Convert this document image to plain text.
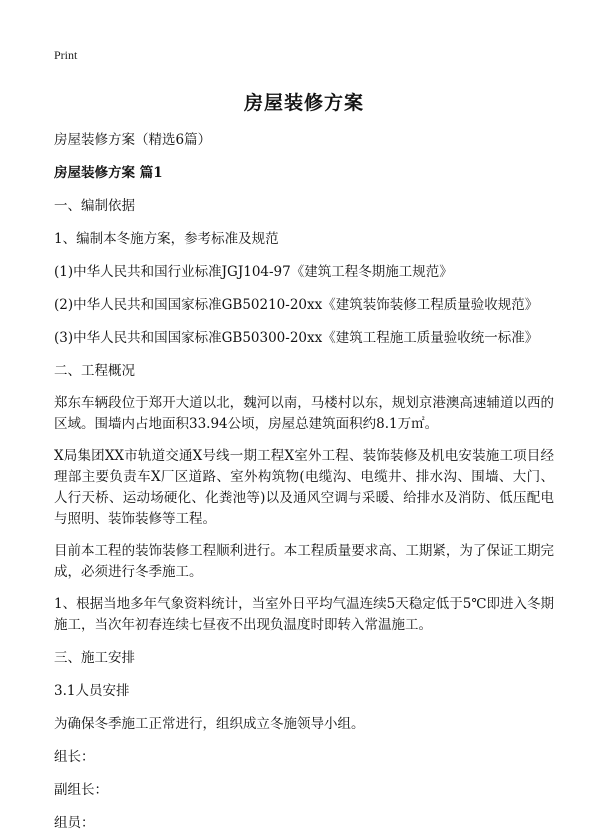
Print
房屋装修方案
房屋装修方案（精选6篇）
房屋装修方案 篇1
一、编制依据
1、编制本冬施方案，参考标准及规范
(1)中华人民共和国行业标准JGJ104-97《建筑工程冬期施工规范》
(2)中华人民共和国国家标准GB50210-20xx《建筑装饰装修工程质量验收规范》
(3)中华人民共和国国家标准GB50300-20xx《建筑工程施工质量验收统一标准》
二、工程概况
郑东车辆段位于郑开大道以北，魏河以南，马楼村以东，规划京港澳高速辅道以西的区域。围墙内占地面积33.94公顷，房屋总建筑面积约8.1万㎡。
X局集团XX市轨道交通X号线一期工程X室外工程、装饰装修及机电安装施工项目经理部主要负责车X厂区道路、室外构筑物(电缆沟、电缆井、排水沟、围墙、大门、人行天桥、运动场硬化、化粪池等)以及通风空调与采暖、给排水及消防、低压配电与照明、装饰装修等工程。
目前本工程的装饰装修工程顺利进行。本工程质量要求高、工期紧，为了保证工期完成，必须进行冬季施工。
1、根据当地多年气象资料统计，当室外日平均气温连续5天稳定低于5℃即进入冬期施工，当次年初春连续七昼夜不出现负温度时即转入常温施工。
三、施工安排
3.1人员安排
为确保冬季施工正常进行，组织成立冬施领导小组。
组长：
副组长：
组员：
